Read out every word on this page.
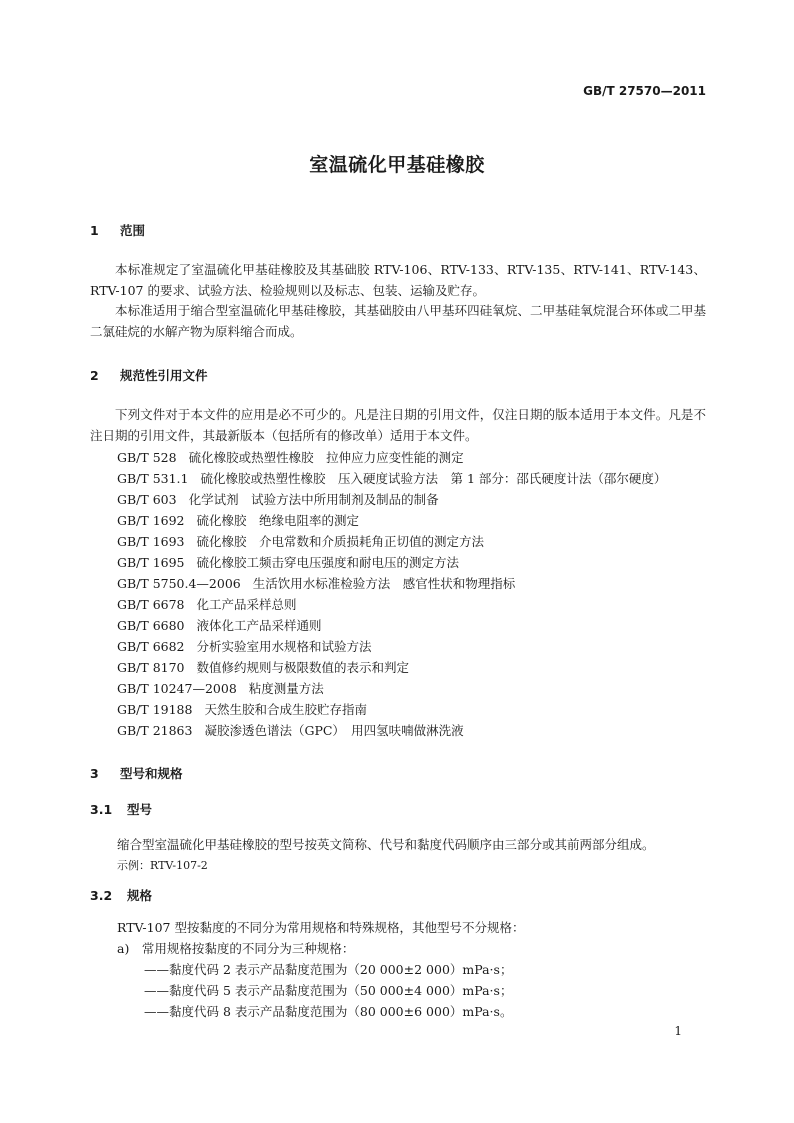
GB/T 27570—2011
室温硫化甲基硅橡胶
1 范围
本标准规定了室温硫化甲基硅橡胶及其基础胶 RTV-106、RTV-133、RTV-135、RTV-141、RTV-143、RTV-107 的要求、试验方法、检验规则以及标志、包装、运输及贮存。
本标准适用于缩合型室温硫化甲基硅橡胶，其基础胶由八甲基环四硅氧烷、二甲基硅氧烷混合环体或二甲基二氯硅烷的水解产物为原料缩合而成。
2 规范性引用文件
下列文件对于本文件的应用是必不可少的。凡是注日期的引用文件，仅注日期的版本适用于本文件。凡是不注日期的引用文件，其最新版本（包括所有的修改单）适用于本文件。
GB/T 528 硫化橡胶或热塑性橡胶　拉伸应力应变性能的测定
GB/T 531.1 硫化橡胶或热塑性橡胶　压入硬度试验方法　第 1 部分：邵氏硬度计法（邵尔硬度）
GB/T 603 化学试剂　试验方法中所用制剂及制品的制备
GB/T 1692 硫化橡胶　绝缘电阻率的测定
GB/T 1693 硫化橡胶　介电常数和介质损耗角正切值的测定方法
GB/T 1695 硫化橡胶工频击穿电压强度和耐电压的测定方法
GB/T 5750.4—2006 生活饮用水标准检验方法　感官性状和物理指标
GB/T 6678 化工产品采样总则
GB/T 6680 液体化工产品采样通则
GB/T 6682 分析实验室用水规格和试验方法
GB/T 8170 数值修约规则与极限数值的表示和判定
GB/T 10247—2008 粘度测量方法
GB/T 19188 天然生胶和合成生胶贮存指南
GB/T 21863 凝胶渗透色谱法（GPC）　用四氢呋喃做淋洗液
3 型号和规格
3.1 型号
缩合型室温硫化甲基硅橡胶的型号按英文简称、代号和黏度代码顺序由三部分或其前两部分组成。
示例：RTV-107-2
3.2 规格
RTV-107 型按黏度的不同分为常用规格和特殊规格，其他型号不分规格：
a)　常用规格按黏度的不同分为三种规格：
——黏度代码 2 表示产品黏度范围为（20 000±2 000）mPa·s；
——黏度代码 5 表示产品黏度范围为（50 000±4 000）mPa·s；
——黏度代码 8 表示产品黏度范围为（80 000±6 000）mPa·s。
1
